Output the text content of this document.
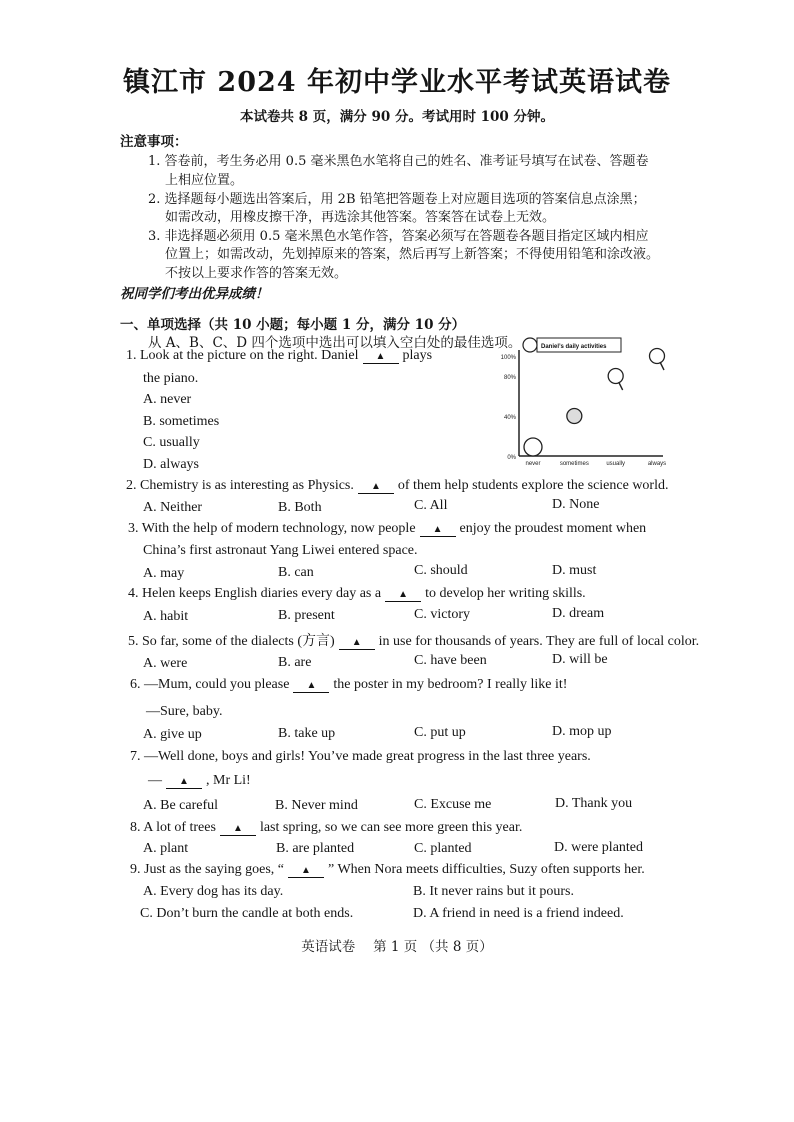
镇江市 2024 年初中学业水平考试英语试卷
本试卷共 8 页，满分 90 分。考试用时 100 分钟。
注意事项：
1. 答卷前，考生务必用 0.5 毫米黑色水笔将自己的姓名、准考证号填写在试卷、答题卷
上相应位置。
2. 选择题每小题选出答案后，用 2B 铅笔把答题卷上对应题目选项的答案信息点涂黑；
如需改动，用橡皮擦干净，再选涂其他答案。答案答在试卷上无效。
3. 非选择题必须用 0.5 毫米黑色水笔作答，答案必须写在答题卷各题目指定区域内相应
位置上；如需改动，先划掉原来的答案，然后再写上新答案；不得使用铅笔和涂改液。
不按以上要求作答的答案无效。
祝同学们考出优异成绩！
一、单项选择（共 10 小题；每小题 1 分，满分 10 分）
从 A、B、C、D 四个选项中选出可以填入空白处的最佳选项。
1. Look at the picture on the right. Daniel ▲ plays
the piano.
A. never
B. sometimes
C. usually
D. always
100%
80%
40%
0%
never	sometimes	usually	always
Daniel’s daily activities
2. Chemistry is as interesting as Physics. ▲ of them help students explore the science world.
A. Neither	B. Both	C. All	D. None
3. With the help of modern technology, now people ▲ enjoy the proudest moment when
China’s first astronaut Yang Liwei entered space.
A. may	B. can	C. should	D. must
4. Helen keeps English diaries every day as a ▲ to develop her writing skills.
A. habit	B. present	C. victory	D. dream
5. So far, some of the dialects (方言) ▲ in use for thousands of years. They are full of local color.
A. were	B. are	C. have been	D. will be
6. —Mum, could you please ▲ the poster in my bedroom? I really like it!
—Sure, baby.
A. give up	B. take up	C. put up	D. mop up
7. —Well done, boys and girls! You’ve made great progress in the last three years.
— ▲ , Mr Li!
A. Be careful	B. Never mind	C. Excuse me	D. Thank you
8. A lot of trees ▲ last spring, so we can see more green this year.
A. plant	B. are planted	C. planted	D. were planted
9. Just as the saying goes, “ ▲ ” When Nora meets difficulties, Suzy often supports her.
A. Every dog has its day.	B. It never rains but it pours.
C. Don’t burn the candle at both ends.	D. A friend in need is a friend indeed.
英语试卷　 第 1 页 （共 8 页）
